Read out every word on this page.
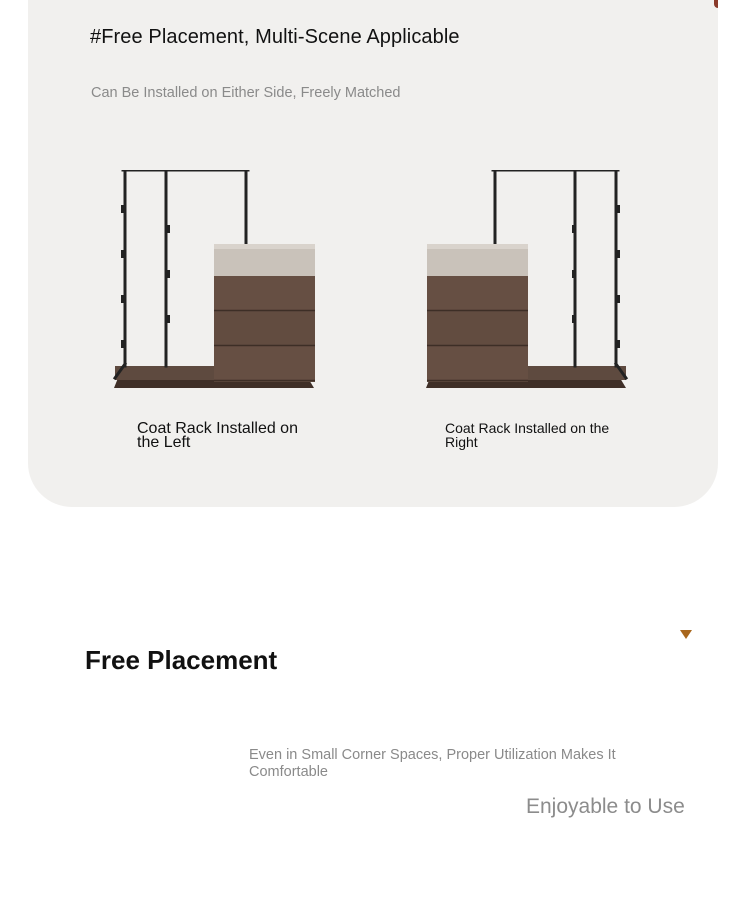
#Free Placement, Multi-Scene Applicable
Can Be Installed on Either Side, Freely Matched
Coat Rack Installed on the Left
Coat Rack Installed on the Right
Free Placement
Even in Small Corner Spaces, Proper Utilization Makes It Comfortable
Enjoyable to Use
